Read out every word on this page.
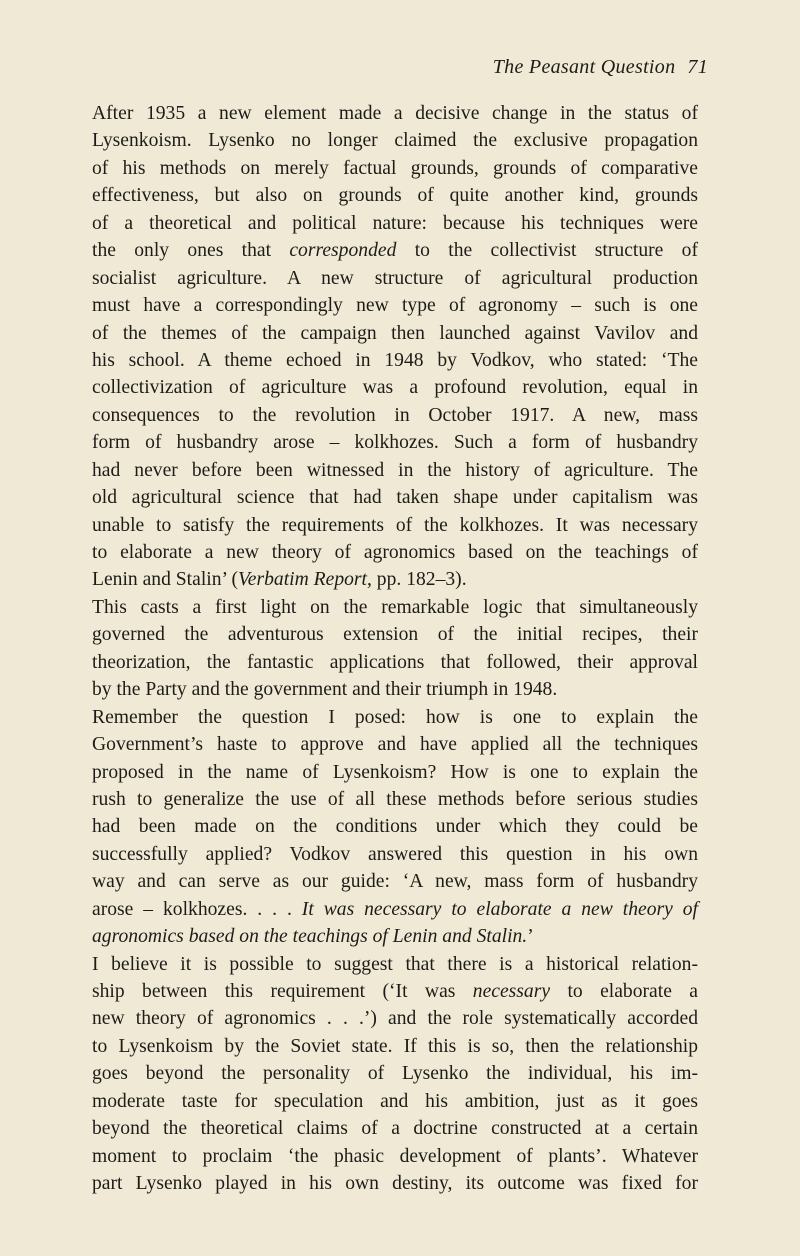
The Peasant Question 71
After 1935 a new element made a decisive change in the status of
Lysenkoism. Lysenko no longer claimed the exclusive propagation
of his methods on merely factual grounds, grounds of comparative
effectiveness, but also on grounds of quite another kind, grounds
of a theoretical and political nature: because his techniques were
the only ones that corresponded to the collectivist structure of
socialist agriculture. A new structure of agricultural production
must have a correspondingly new type of agronomy – such is one
of the themes of the campaign then launched against Vavilov and
his school. A theme echoed in 1948 by Vodkov, who stated: ‘The
collectivization of agriculture was a profound revolution, equal in
consequences to the revolution in October 1917. A new, mass
form of husbandry arose – kolkhozes. Such a form of husbandry
had never before been witnessed in the history of agriculture. The
old agricultural science that had taken shape under capitalism was
unable to satisfy the requirements of the kolkhozes. It was necessary
to elaborate a new theory of agronomics based on the teachings of
Lenin and Stalin’ (Verbatim Report, pp. 182–3).
This casts a first light on the remarkable logic that simultaneously
governed the adventurous extension of the initial recipes, their
theorization, the fantastic applications that followed, their approval
by the Party and the government and their triumph in 1948.
Remember the question I posed: how is one to explain the
Government’s haste to approve and have applied all the techniques
proposed in the name of Lysenkoism? How is one to explain the
rush to generalize the use of all these methods before serious studies
had been made on the conditions under which they could be
successfully applied? Vodkov answered this question in his own
way and can serve as our guide: ‘A new, mass form of husbandry
arose – kolkhozes. . . . It was necessary to elaborate a new theory of
agronomics based on the teachings of Lenin and Stalin.’
I believe it is possible to suggest that there is a historical relation-
ship between this requirement (‘It was necessary to elaborate a
new theory of agronomics . . .’) and the role systematically accorded
to Lysenkoism by the Soviet state. If this is so, then the relationship
goes beyond the personality of Lysenko the individual, his im-
moderate taste for speculation and his ambition, just as it goes
beyond the theoretical claims of a doctrine constructed at a certain
moment to proclaim ‘the phasic development of plants’. Whatever
part Lysenko played in his own destiny, its outcome was fixed for
